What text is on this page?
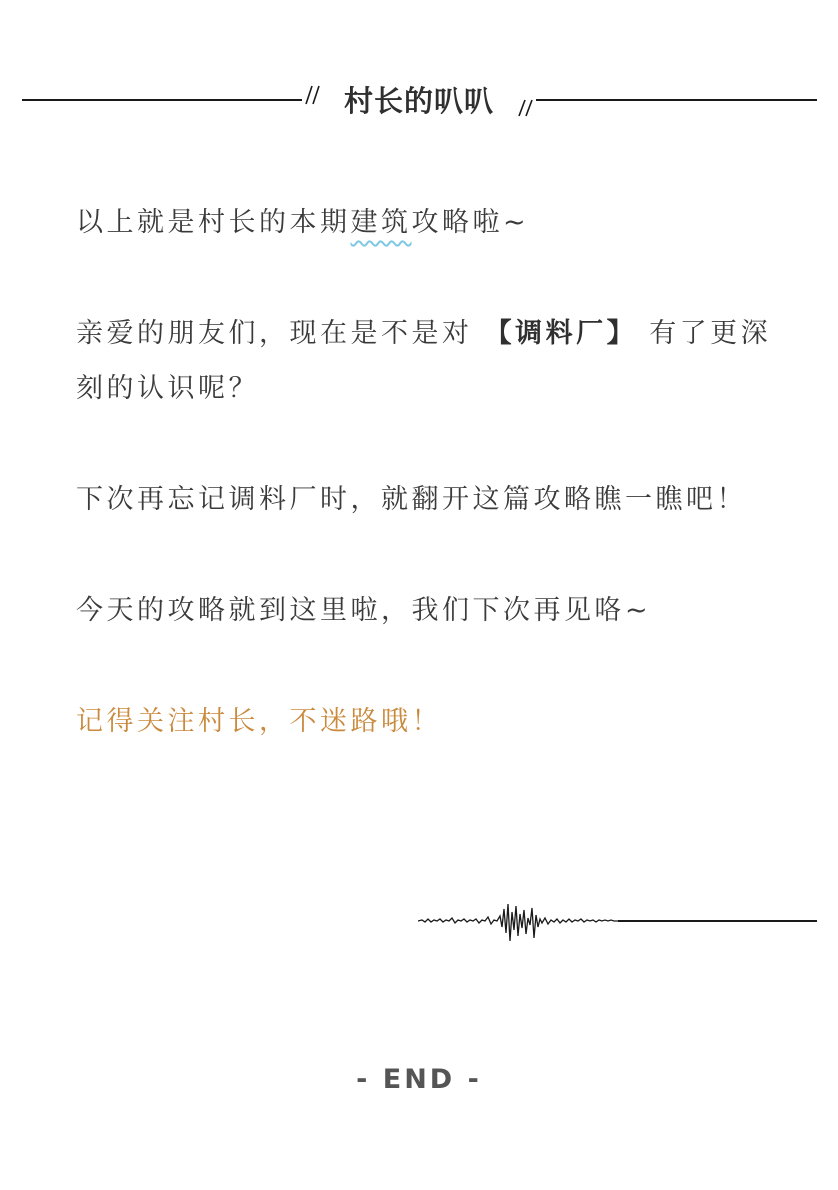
村长的叭叭

以上就是村长的本期建筑攻略啦~

亲爱的朋友们，现在是不是对 【调料厂】 有了更深刻的认识呢？

下次再忘记调料厂时，就翻开这篇攻略瞧一瞧吧！

今天的攻略就到这里啦，我们下次再见咯~

记得关注村长，不迷路哦！

- END -
